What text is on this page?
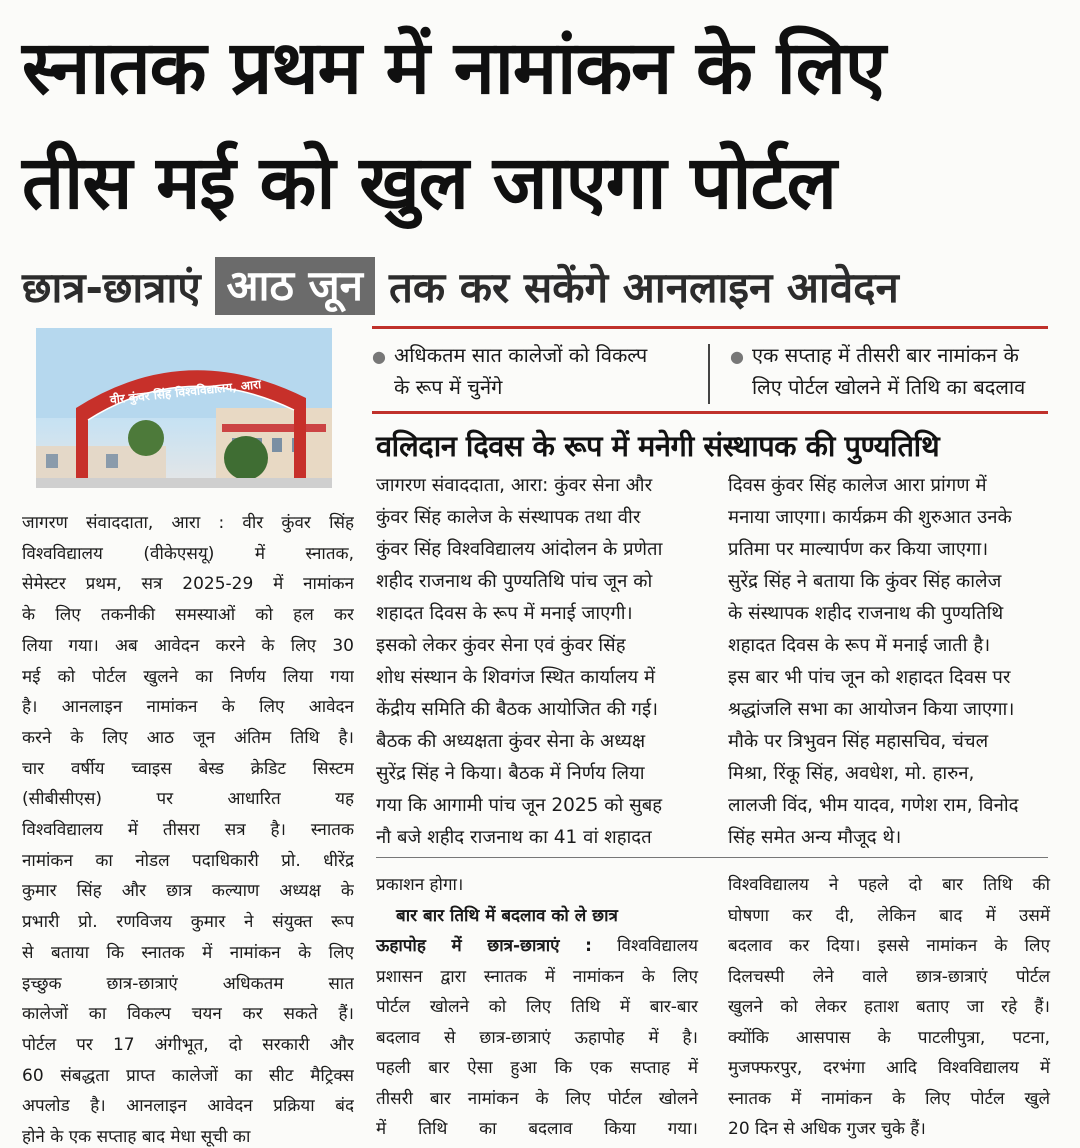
स्नातक प्रथम में नामांकन के लिए
तीस मई को खुल जाएगा पोर्टल
छात्र-छात्राएं आठ जून तक कर सकेंगे आनलाइन आवेदन
वीर कुंवर सिंह विश्वविद्यालय, आरा
● अधिकतम सात कालेजों को विकल्प
के रूप में चुनेंगे
● एक सप्ताह में तीसरी बार नामांकन के
लिए पोर्टल खोलने में तिथि का बदलाव
वलिदान दिवस के रूप में मनेगी संस्थापक की पुण्यतिथि

जागरण संवाददाता, आरा: कुंवर सेना और

कुंवर सिंह कालेज के संस्थापक तथा वीर

कुंवर सिंह विश्वविद्यालय आंदोलन के प्रणेता

शहीद राजनाथ की पुण्यतिथि पांच जून को

शहादत दिवस के रूप में मनाई जाएगी।

इसको लेकर कुंवर सेना एवं कुंवर सिंह

शोध संस्थान के शिवगंज स्थित कार्यालय में

केंद्रीय समिति की बैठक आयोजित की गई।

बैठक की अध्यक्षता कुंवर सेना के अध्यक्ष

सुरेंद्र सिंह ने किया। बैठक में निर्णय लिया

गया कि आगामी पांच जून 2025 को सुबह

नौ बजे शहीद राजनाथ का 41 वां शहादत

दिवस कुंवर सिंह कालेज आरा प्रांगण में

मनाया जाएगा। कार्यक्रम की शुरुआत उनके

प्रतिमा पर माल्यार्पण कर किया जाएगा।

सुरेंद्र सिंह ने बताया कि कुंवर सिंह कालेज

के संस्थापक शहीद राजनाथ की पुण्यतिथि

शहादत दिवस के रूप में मनाई जाती है।

इस बार भी पांच जून को शहादत दिवस पर

श्रद्धांजलि सभा का आयोजन किया जाएगा।

मौके पर त्रिभुवन सिंह महासचिव, चंचल

मिश्रा, रिंकू सिंह, अवधेश, मो. हारुन,

लालजी विंद, भीम यादव, गणेश राम, विनोद

सिंह समेत अन्य मौजूद थे।

जागरण संवाददाता, आरा : वीर कुंवर सिंह

विश्वविद्यालय (वीकेएसयू) में स्नातक,

सेमेस्टर प्रथम, सत्र 2025-29 में नामांकन

के लिए तकनीकी समस्याओं को हल कर

लिया गया। अब आवेदन करने के लिए 30

मई को पोर्टल खुलने का निर्णय लिया गया

है। आनलाइन नामांकन के लिए आवेदन

करने के लिए आठ जून अंतिम तिथि है।

चार वर्षीय च्वाइस बेस्ड क्रेडिट सिस्टम

(सीबीसीएस) पर आधारित यह

विश्वविद्यालय में तीसरा सत्र है। स्नातक

नामांकन का नोडल पदाधिकारी प्रो. धीरेंद्र

कुमार सिंह और छात्र कल्याण अध्यक्ष के

प्रभारी प्रो. रणविजय कुमार ने संयुक्त रूप

से बताया कि स्नातक में नामांकन के लिए

इच्छुक छात्र-छात्राएं अधिकतम सात

कालेजों का विकल्प चयन कर सकते हैं।

पोर्टल पर 17 अंगीभूत, दो सरकारी और

60 संबद्धता प्राप्त कालेजों का सीट मैट्रिक्स

अपलोड है। आनलाइन आवेदन प्रक्रिया बंद

होने के एक सप्ताह बाद मेधा सूची का

प्रकाशन होगा।

बार बार तिथि में बदलाव को ले छात्र

ऊहापोह में छात्र-छात्राएं : विश्वविद्यालय

प्रशासन द्वारा स्नातक में नामांकन के लिए

पोर्टल खोलने को लिए तिथि में बार-बार

बदलाव से छात्र-छात्राएं ऊहापोह में है।

पहली बार ऐसा हुआ कि एक सप्ताह में

तीसरी बार नामांकन के लिए पोर्टल खोलने

में तिथि का बदलाव किया गया।

विश्वविद्यालय ने पहले दो बार तिथि की

घोषणा कर दी, लेकिन बाद में उसमें

बदलाव कर दिया। इससे नामांकन के लिए

दिलचस्पी लेने वाले छात्र-छात्राएं पोर्टल

खुलने को लेकर हताश बताए जा रहे हैं।

क्योंकि आसपास के पाटलीपुत्रा, पटना,

मुजफ्फरपुर, दरभंगा आदि विश्वविद्यालय में

स्नातक में नामांकन के लिए पोर्टल खुले

20 दिन से अधिक गुजर चुके हैं।
